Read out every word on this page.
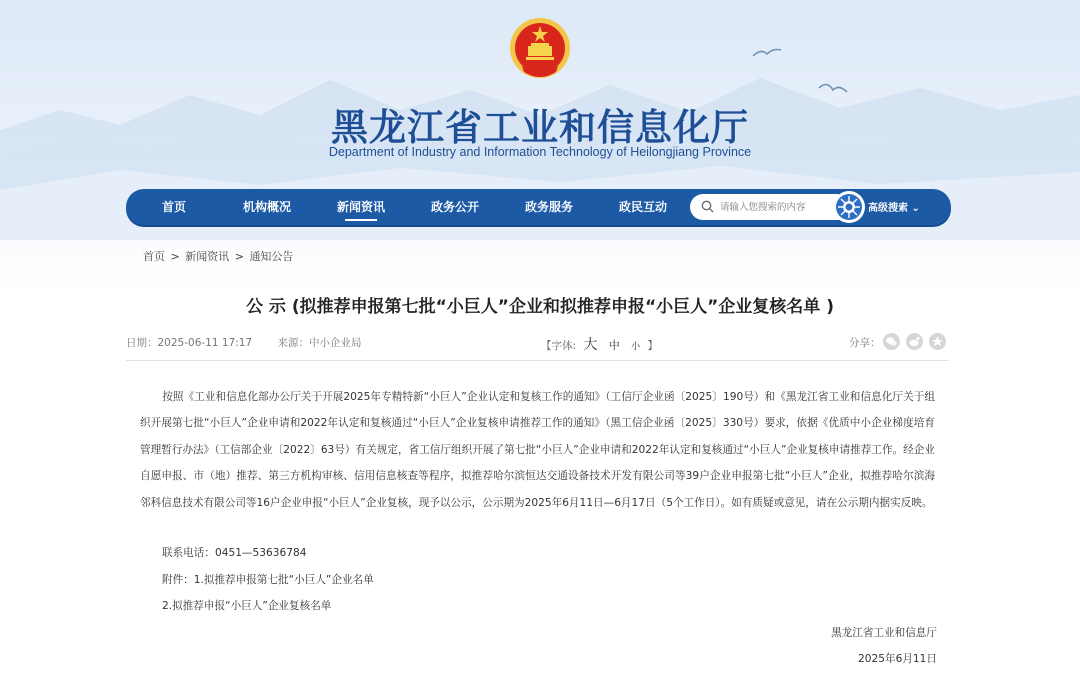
黑龙江省工业和信息化厅
Department of Industry and Information Technology of Heilongjiang Province
首页	机构概况	新闻资讯	政务公开	政务服务	政民互动
请输入您搜索的内容	高级搜索 ⌄
首页 > 新闻资讯 > 通知公告
公 示 (拟推荐申报第七批“小巨人”企业和拟推荐申报“小巨人”企业复核名单 )
日期：2025-06-11 17:17 来源：中小企业局	【字体: 大 中 小 】	分享：

按照《工业和信息化部办公厅关于开展2025年专精特新“小巨人”企业认定和复核工作的通知》（工信厅企业函〔2025〕190号）和《黑龙江省工业和信息化厅关于组织开展第七批“小巨人”企业申请和2022年认定和复核通过“小巨人”企业复核申请推荐工作的通知》（黑工信企业函〔2025〕330号）要求，依据《优质中小企业梯度培育管理暂行办法》（工信部企业〔2022〕63号）有关规定，省工信厅组织开展了第七批“小巨人”企业申请和2022年认定和复核通过“小巨人”企业复核申请推荐工作。经企业自愿申报、市（地）推荐、第三方机构审核、信用信息核查等程序，拟推荐哈尔滨恒达交通设备技术开发有限公司等39户企业申报第七批“小巨人”企业，拟推荐哈尔滨海邻科信息技术有限公司等16户企业申报“小巨人”企业复核，现予以公示，公示期为2025年6月11日—6月17日（5个工作日）。如有质疑或意见，请在公示期内据实反映。

联系电话：0451—53636784
附件：1.拟推荐申报第七批“小巨人”企业名单
2.拟推荐申报“小巨人”企业复核名单
黑龙江省工业和信息厅
2025年6月11日
